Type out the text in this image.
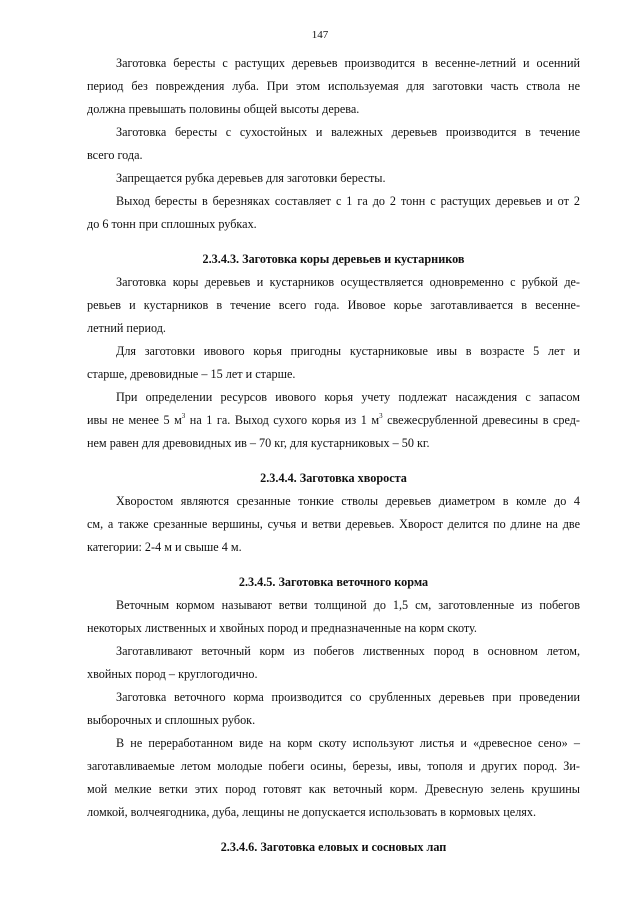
147
Заготовка бересты с растущих деревьев производится в весенне-летний и осенний
период без повреждения луба. При этом используемая для заготовки часть ствола не
должна превышать половины общей высоты дерева.
Заготовка бересты с сухостойных и валежных деревьев производится в течение
всего года.
Запрещается рубка деревьев для заготовки бересты.
Выход бересты в березняках составляет с 1 га до 2 тонн с растущих деревьев и от 2
до 6 тонн при сплошных рубках.
2.3.4.3. Заготовка коры деревьев и кустарников
Заготовка коры деревьев и кустарников осуществляется одновременно с рубкой де-
ревьев и кустарников в течение всего года. Ивовое корье заготавливается в весенне-
летний период.
Для заготовки ивового корья пригодны кустарниковые ивы в возрасте 5 лет и
старше, древовидные – 15 лет и старше.
При определении ресурсов ивового корья учету подлежат насаждения с запасом
ивы не менее 5 $м^3$ на 1 га. Выход сухого корья из 1 $м^3$ свежесрубленной древесины в сред-
нем равен для древовидных ив – 70 кг, для кустарниковых – 50 кг.
2.3.4.4. Заготовка хвороста
Хворостом являются срезанные тонкие стволы деревьев диаметром в комле до 4
см, а также срезанные вершины, сучья и ветви деревьев. Хворост делится по длине на две
категории: 2-4 м и свыше 4 м.
2.3.4.5. Заготовка веточного корма
Веточным кормом называют ветви толщиной до 1,5 см, заготовленные из побегов
некоторых лиственных и хвойных пород и предназначенные на корм скоту.
Заготавливают веточный корм из побегов лиственных пород в основном летом,
хвойных пород – круглогодично.
Заготовка веточного корма производится со срубленных деревьев при проведении
выборочных и сплошных рубок.
В не переработанном виде на корм скоту используют листья и «древесное сено» –
заготавливаемые летом молодые побеги осины, березы, ивы, тополя и других пород. Зи-
мой мелкие ветки этих пород готовят как веточный корм. Древесную зелень крушины
ломкой, волчеягодника, дуба, лещины не допускается использовать в кормовых целях.
2.3.4.6. Заготовка еловых и сосновых лап
